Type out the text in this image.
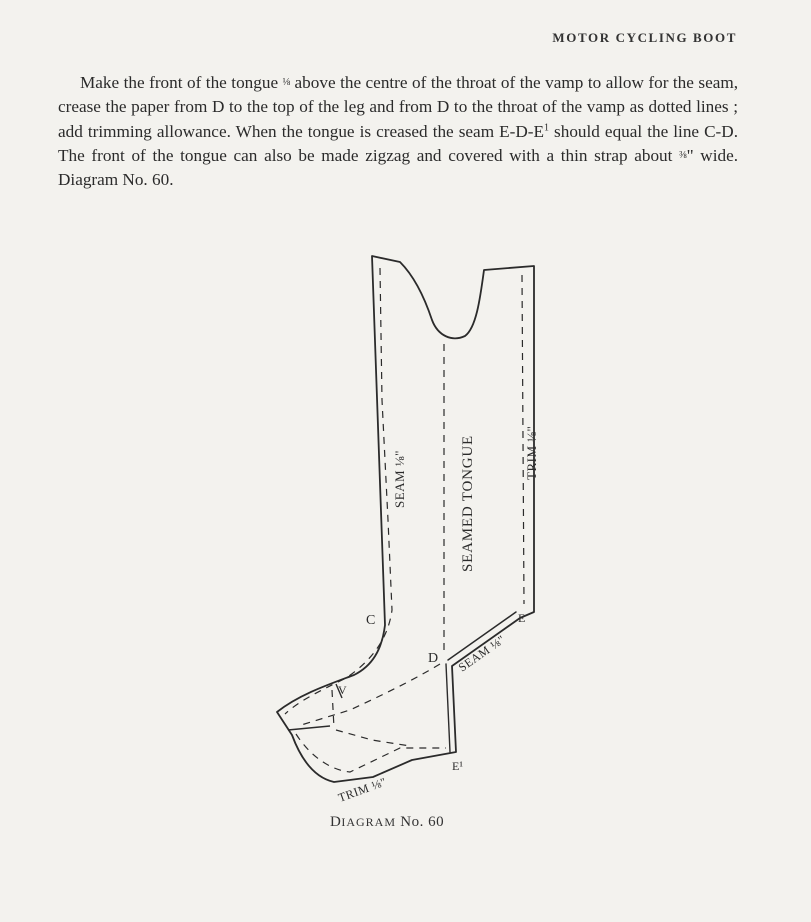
MOTOR CYCLING BOOT

Make the front of the tongue ⅛ above the centre of the throat of the vamp to allow for the seam, crease the paper from D to the top of the leg and from D to the throat of the vamp as dotted lines ; add trimming allowance. When the tongue is creased the seam $E-D-E^1$ should equal the line C-D. The front of the tongue can also be made zigzag and covered with a thin strap about ⅜" wide. Diagram No. 60.

SEAM ⅛"	SEAMED TONGUE	TRIM ⅛"
SEAM ⅛"
TRIM ⅛"
C
D
E
E¹
V
DIAGRAM No. 60
